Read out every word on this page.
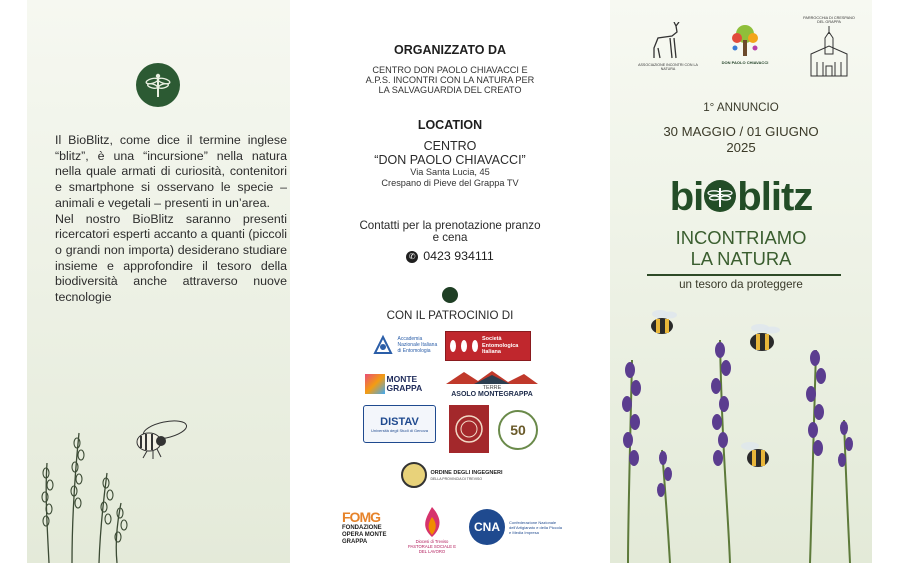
Il BioBlitz, come dice il termine inglese “blitz”, è una “incursione” nella natura nella quale armati di curiosità, contenitori e smartphone si osservano le specie – animali e vegetali – presenti in un’area.

Nel nostro BioBlitz saranno presenti ricercatori esperti accanto a quanti (piccoli o grandi non importa) desiderano studiare insieme e approfondire il tesoro della biodiversità anche attraverso nuove tecnologie

ORGANIZZATO DA
CENTRO DON PAOLO CHIAVACCI E
A.P.S. INCONTRI CON LA NATURA PER
LA SALVAGUARDIA DEL CREATO
LOCATION
CENTRO
“DON PAOLO CHIAVACCI”
Via Santa Lucia, 45
Crespano di Pieve del Grappa TV
Contatti per la prenotazione pranzo
e cena
✆ 0423 934111
CON IL PATROCINIO DI
Accademia Nazionale Italiana di Entomologia
Società Entomologica Italiana
MONTE GRAPPA	TERRE
ASOLO MONTEGRAPPA
DISTAV
Università degli Studi di Genova	50
ORDINE DEGLI INGEGNERI
DELLA PROVINCIA DI TREVISO
FOMG
FONDAZIONE OPERA MONTE GRAPPA	Diocesi di Treviso PASTORALE SOCIALE E DEL LAVORO
CNA Confederazione Nazionale dell'Artigianato e della Piccola e Media Impresa
ASSOCIAZIONE INCONTRI CON LA NATURA
DON PAOLO CHIAVACCI
PARROCCHIA DI CRESPANO DEL GRAPPA
1° ANNUNCIO
30 MAGGIO / 01 GIUGNO
2025
bi blitz
INCONTRIAMO
LA NATURA
un tesoro da proteggere
